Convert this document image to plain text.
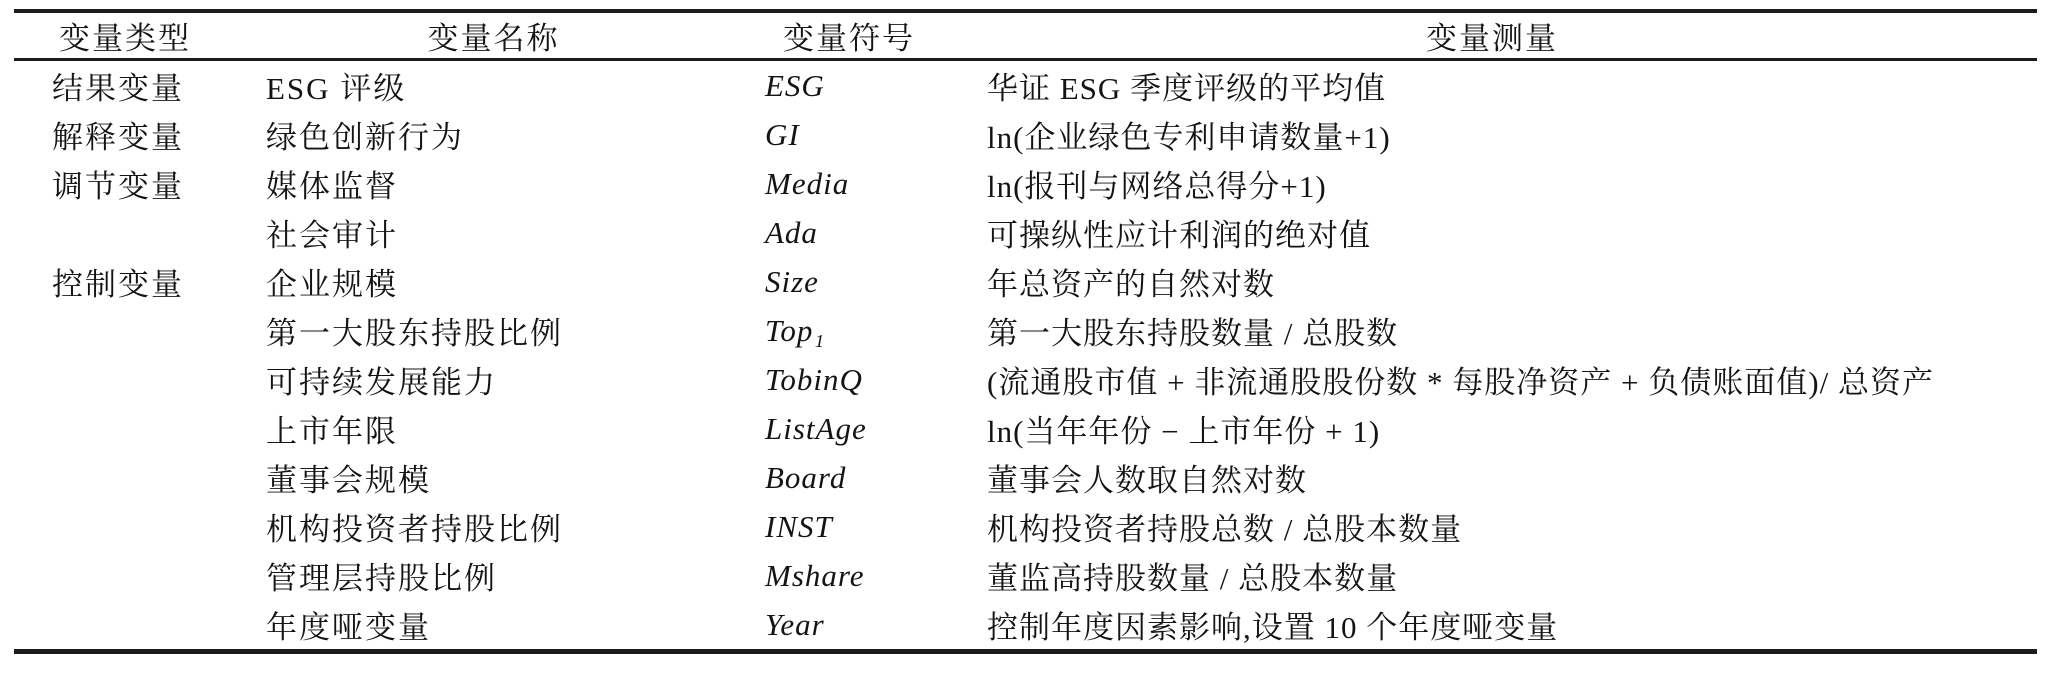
变量类型	变量名称	变量符号	变量测量
结果变量	ESG 评级	ESG	华证 ESG 季度评级的平均值
解释变量	绿色创新行为	GI	ln(企业绿色专利申请数量+1)
调节变量	媒体监督	Media	ln(报刊与网络总得分+1)
	社会审计	Ada	可操纵性应计利润的绝对值
控制变量	企业规模	Size	年总资产的自然对数
	第一大股东持股比例	Top₁	第一大股东持股数量 / 总股数
	可持续发展能力	TobinQ	(流通股市值 + 非流通股股份数 * 每股净资产 + 负债账面值)/ 总资产
	上市年限	ListAge	ln(当年年份 − 上市年份 + 1)
	董事会规模	Board	董事会人数取自然对数
	机构投资者持股比例	INST	机构投资者持股总数 / 总股本数量
	管理层持股比例	Mshare	董监高持股数量 / 总股本数量
	年度哑变量	Year	控制年度因素影响,设置 10 个年度哑变量
